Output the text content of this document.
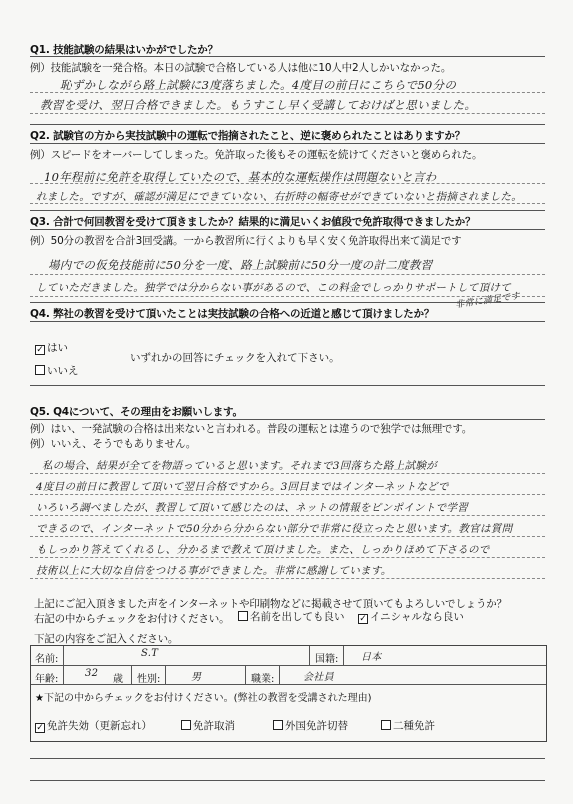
Q1. 技能試験の結果はいかがでしたか？
例）技能試験を一発合格。本日の試験で合格している人は他に10人中2人しかいなかった。
恥ずかしながら路上試験に3度落ちました。4度目の前日にこちらで50分の
教習を受け、翌日合格できました。もうすこし早く受講しておけばと思いました。
Q2. 試験官の方から実技試験中の運転で指摘されたこと、逆に褒められたことはありますか？
例）スピードをオーバーしてしまった。免許取った後もその運転を続けてくださいと褒められた。
10年程前に免許を取得していたので、基本的な運転操作は問題ないと言わ
れました。ですが、確認が満足にできていない、右折時の幅寄せができていないと指摘されました。
Q3. 合計で何回教習を受けて頂きましたか？結果的に満足いくお値段で免許取得できましたか？
例）50分の教習を合計3回受講。一から教習所に行くよりも早く安く免許取得出来て満足です
場内での仮免技能前に50分を一度、路上試験前に50分一度の計二度教習
していただきました。独学では分からない事があるので、この料金でしっかりサポートして頂けて
非常に満足です
Q4. 弊社の教習を受けて頂いたことは実技試験の合格への近道と感じて頂けましたか？
✓ はい
いずれかの回答にチェックを入れて下さい。
いいえ
Q5. Q4について、その理由をお願いします。
例）はい、一発試験の合格は出来ないと言われる。普段の運転とは違うので独学では無理です。
例）いいえ、そうでもありません。
私の場合、結果が全てを物語っていると思います。それまで3回落ちた路上試験が
4度目の前日に教習して頂いて翌日合格ですから。3回目まではインターネットなどで
いろいろ調べましたが、教習して頂いて感じたのは、ネットの情報をピンポイントで学習
できるので、インターネットで50分から分からない部分で非常に役立ったと思います。教官は質問
もしっかり答えてくれるし、分かるまで教えて頂けました。また、しっかりほめて下さるので
技術以上に大切な自信をつける事ができました。非常に感謝しています。
上記にご記入頂きました声をインターネットや印刷物などに掲載させて頂いてもよろしいでしょうか？
右記の中からチェックをお付けください。	名前を出しても良い ✓ イニシャルなら良い
下記の内容をご記入ください。
名前:
S.T
国籍: 日本
年齢:
32
歳 性別:	男	職業:	会社員
★下記の中からチェックをお付けください。(弊社の教習を受講された理由)
✓ 免許失効（更新忘れ）	免許取消	外国免許切替	二種免許
